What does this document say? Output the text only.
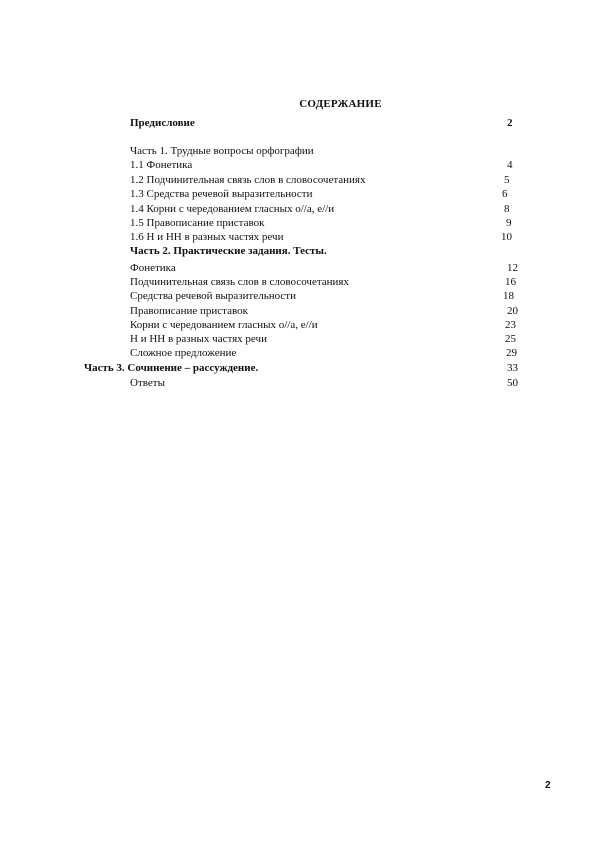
СОДЕРЖАНИЕ
Предисловие	2
Часть 1. Трудные вопросы орфографии
1.1 Фонетика	4
1.2 Подчинительная связь слов в словосочетаниях	5
1.3 Средства речевой выразительности	6
1.4 Корни с чередованием гласных о//а, е//и	8
1.5 Правописание приставок	9
1.6 Н и НН в разных частях речи	10
Часть 2. Практические задания. Тесты.
Фонетика	12
Подчинительная связь слов в словосочетаниях	16
Средства речевой выразительности	18
Правописание приставок	20
Корни с чередованием гласных о//а, е//и	23
Н и НН в разных частях речи	25
Сложное предложение	29
Часть 3. Сочинение – рассуждение.	33
Ответы	50
2
